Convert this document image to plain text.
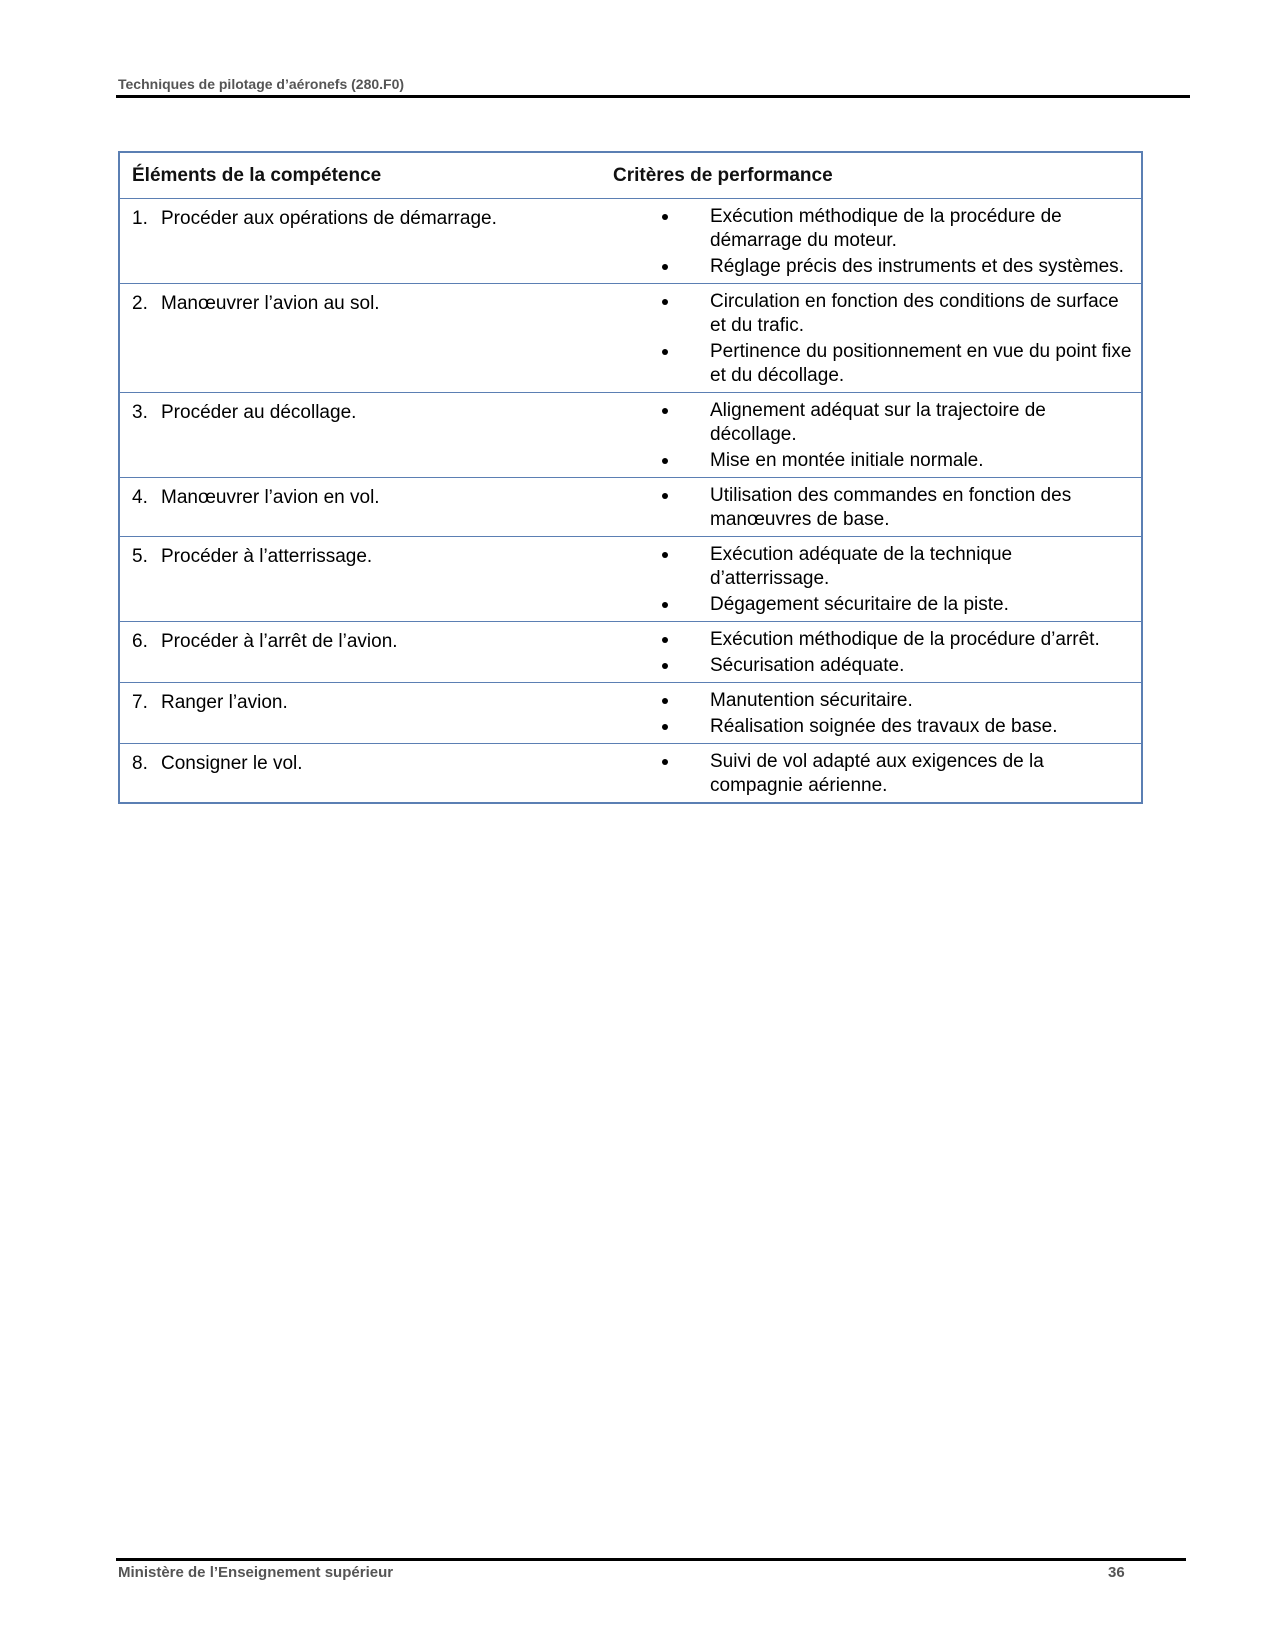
Techniques de pilotage d’aéronefs (280.F0)
Éléments de la compétence	Critères de performance
1. Procéder aux opérations de démarrage.	Exécution méthodique de la procédure de démarrage du moteur.
Réglage précis des instruments et des systèmes.
2. Manœuvrer l’avion au sol.	Circulation en fonction des conditions de surface et du trafic.
Pertinence du positionnement en vue du point fixe et du décollage.
3. Procéder au décollage.	Alignement adéquat sur la trajectoire de décollage.
Mise en montée initiale normale.
4. Manœuvrer l’avion en vol.	Utilisation des commandes en fonction des manœuvres de base.
5. Procéder à l’atterrissage.	Exécution adéquate de la technique d’atterrissage.
Dégagement sécuritaire de la piste.
6. Procéder à l’arrêt de l’avion.	Exécution méthodique de la procédure d’arrêt.
Sécurisation adéquate.
7. Ranger l’avion.	Manutention sécuritaire.
Réalisation soignée des travaux de base.
8. Consigner le vol.	Suivi de vol adapté aux exigences de la compagnie aérienne.
Ministère de l’Enseignement supérieur	36
